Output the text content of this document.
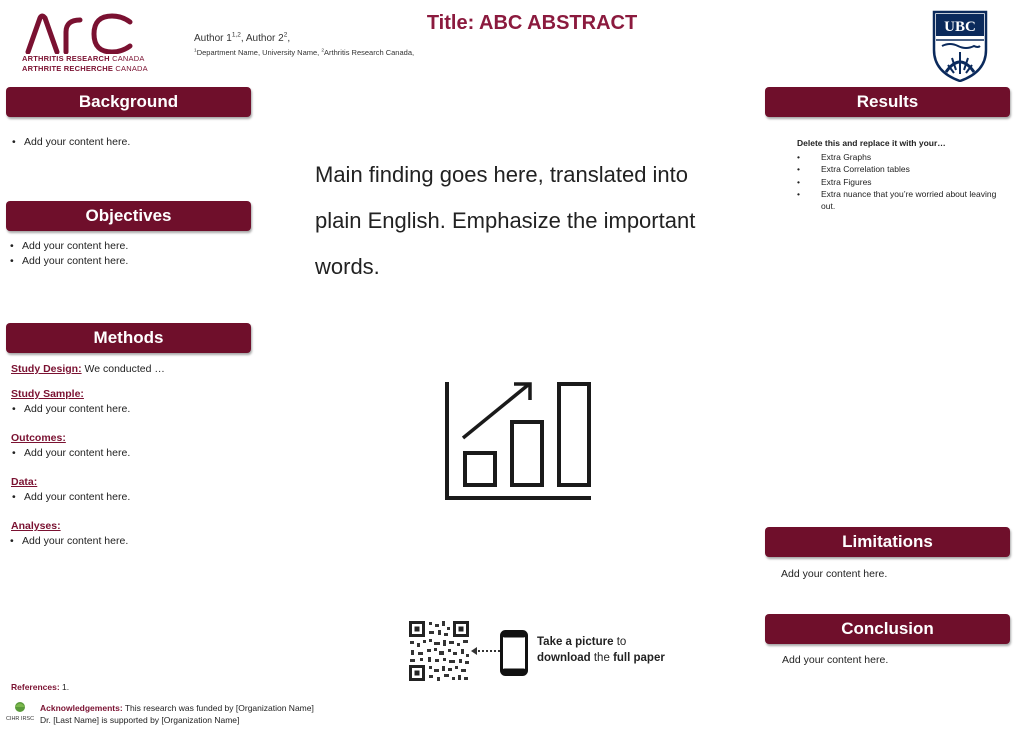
ARTHRITIS RESEARCH CANADA
ARTHRITE RECHERCHE CANADA
Title: ABC ABSTRACT
Author 1$^{1,2}$, Author $2^2$,
$^1$Department Name, University Name, $^2$Arthritis Research Canada,
UBC
Background
• Add your content here.
Objectives
• Add your content here.
• Add your content here.
Methods
Study Design: We conducted …
Study Sample:
• Add your content here.
Outcomes:
• Add your content here.
Data:
• Add your content here.
Analyses:
• Add your content here.
Main finding goes here, translated into plain English. Emphasize the important words.
Take a picture to
download the full paper
Results
Delete this and replace it with your…
• Extra Graphs
• Extra Correlation tables
• Extra Figures
• Extra nuance that you’re worried about leaving out.
Limitations
Add your content here.
Conclusion
Add your content here.
References: 1.
CIHR IRSC
Acknowledgements: This research was funded by [Organization Name]
Dr. [Last Name] is supported by [Organization Name]
